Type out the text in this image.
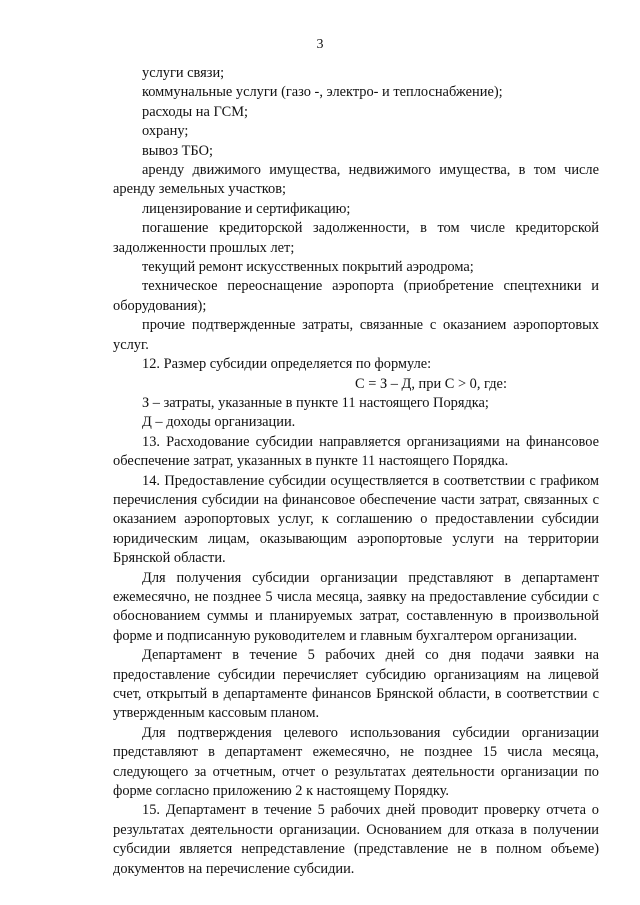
3

услуги связи;

коммунальные услуги (газо -, электро- и теплоснабжение);

расходы на ГСМ;

охрану;

вывоз ТБО;

аренду движимого имущества, недвижимого имущества, в том числе аренду земельных участков;

лицензирование и сертификацию;

погашение кредиторской задолженности, в том числе кредиторской задолженности прошлых лет;

текущий ремонт искусственных покрытий аэродрома;

техническое переоснащение аэропорта (приобретение спецтехники и оборудования);

прочие подтвержденные затраты, связанные с оказанием аэропортовых услуг.

12. Размер субсидии определяется по формуле:

С = З – Д, при С > 0, где:

З – затраты, указанные в пункте 11 настоящего Порядка;

Д – доходы организации.

13. Расходование субсидии направляется организациями на финансовое обеспечение затрат, указанных в пункте 11 настоящего Порядка.

14. Предоставление субсидии осуществляется в соответствии с графиком перечисления субсидии на финансовое обеспечение части затрат, связанных с оказанием аэропортовых услуг, к соглашению о предоставлении субсидии юридическим лицам, оказывающим аэропортовые услуги на территории Брянской области.

Для получения субсидии организации представляют в департамент ежемесячно, не позднее 5 числа месяца, заявку на предоставление субсидии с обоснованием суммы и планируемых затрат, составленную в произвольной форме и подписанную руководителем и главным бухгалтером организации.

Департамент в течение 5 рабочих дней со дня подачи заявки на предоставление субсидии перечисляет субсидию организациям на лицевой счет, открытый в департаменте финансов Брянской области, в соответствии с утвержденным кассовым планом.

Для подтверждения целевого использования субсидии организации представляют в департамент ежемесячно, не позднее 15 числа месяца, следующего за отчетным, отчет о результатах деятельности организации по форме согласно приложению 2 к настоящему Порядку.

15. Департамент в течение 5 рабочих дней проводит проверку отчета о результатах деятельности организации. Основанием для отказа в получении субсидии является непредставление (представление не в полном объеме) документов на перечисление субсидии.
